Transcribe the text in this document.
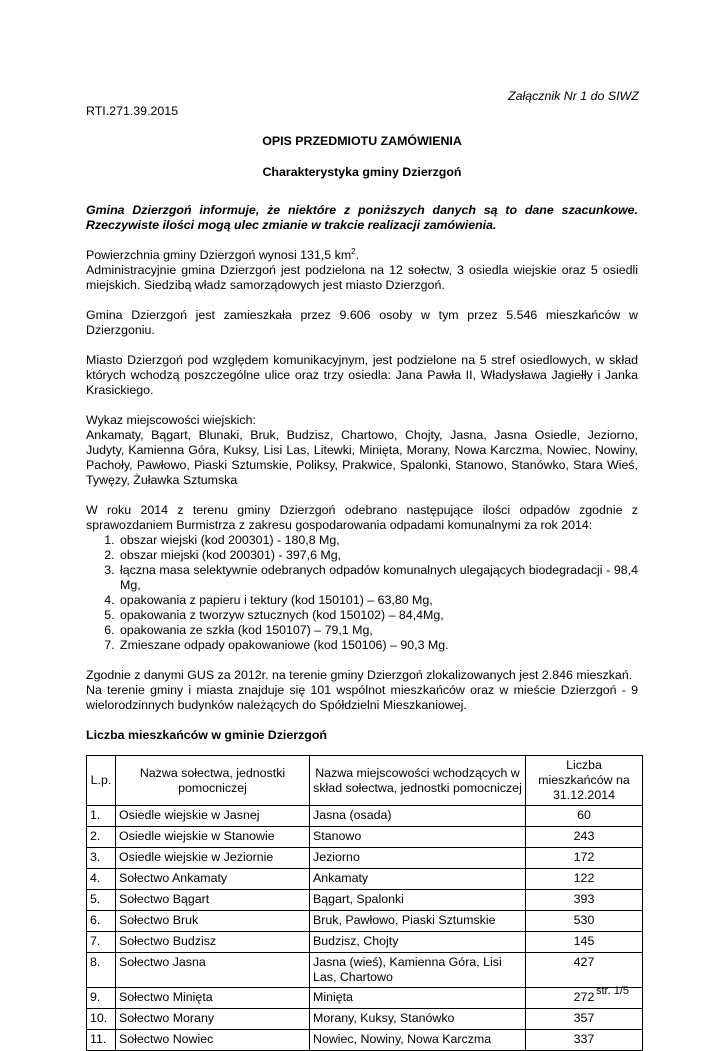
Załącznik Nr 1 do SIWZ
RTI.271.39.2015
OPIS PRZEDMIOTU ZAMÓWIENIA
Charakterystyka gminy Dzierzgoń

Gmina Dzierzgoń informuje, że niektóre z poniższych danych są to dane szacunkowe. Rzeczywiste ilości mogą ulec zmianie w trakcie realizacji zamówienia.

Powierzchnia gminy Dzierzgoń wynosi 131,5 $km^2$.

Administracyjnie gmina Dzierzgoń jest podzielona na 12 sołectw, 3 osiedla wiejskie oraz 5 osiedli miejskich. Siedzibą władz samorządowych jest miasto Dzierzgoń.

Gmina Dzierzgoń jest zamieszkała przez 9.606 osoby w tym przez 5.546 mieszkańców w Dzierzgoniu.

Miasto Dzierzgoń pod względem komunikacyjnym, jest podzielone na 5 stref osiedlowych, w skład których wchodzą poszczególne ulice oraz trzy osiedla: Jana Pawła II, Władysława Jagiełły i Janka Krasickiego.

Wykaz miejscowości wiejskich:

Ankamaty, Bągart, Blunaki, Bruk, Budzisz, Chartowo, Chojty, Jasna, Jasna Osiedle, Jeziorno, Judyty, Kamienna Góra, Kuksy, Lisi Las, Litewki, Minięta, Morany, Nowa Karczma, Nowiec, Nowiny, Pachoły, Pawłowo, Piaski Sztumskie, Poliksy, Prakwice, Spalonki, Stanowo, Stanówko, Stara Wieś, Tywęzy, Żuławka Sztumska

W roku 2014 z terenu gminy Dzierzgoń odebrano następujące ilości odpadów zgodnie z sprawozdaniem Burmistrza z zakresu gospodarowania odpadami komunalnymi za rok 2014:

1. obszar wiejski (kod 200301) - 180,8 Mg,
2. obszar miejski (kod 200301) - 397,6 Mg,
3. łączna masa selektywnie odebranych odpadów komunalnych ulegających biodegradacji - 98,4 Mg,
4. opakowania z papieru i tektury (kod 150101) – 63,80 Mg,
5. opakowania z tworzyw sztucznych (kod 150102) – 84,4Mg,
6. opakowania ze szkła (kod 150107) – 79,1 Mg,
7. Zmieszane odpady opakowaniowe (kod 150106) – 90,3 Mg.

Zgodnie z danymi GUS za 2012r. na terenie gminy Dzierzgoń zlokalizowanych jest 2.846 mieszkań.

Na terenie gminy i miasta znajduje się 101 wspólnot mieszkańców oraz w mieście Dzierzgoń - 9 wielorodzinnych budynków należących do Spółdzielni Mieszkaniowej.

Liczba mieszkańców w gminie Dzierzgoń

L.p.	Nazwa sołectwa, jednostki pomocniczej	Nazwa miejscowości wchodzących w skład sołectwa, jednostki pomocniczej	Liczba mieszkańców na 31.12.2014
1.	Osiedle wiejskie w Jasnej	Jasna (osada)	60
2.	Osiedle wiejskie w Stanowie	Stanowo	243
3.	Osiedle wiejskie w Jeziornie	Jeziorno	172
4.	Sołectwo Ankamaty	Ankamaty	122
5.	Sołectwo Bągart	Bągart, Spalonki	393
6.	Sołectwo Bruk	Bruk, Pawłowo, Piaski Sztumskie	530
7.	Sołectwo Budzisz	Budzisz, Chojty	145
8.	Sołectwo Jasna	Jasna (wieś), Kamienna Góra, Lisi Las, Chartowo	427
9.	Sołectwo Minięta	Minięta	272
10.	Sołectwo Morany	Morany, Kuksy, Stanówko	357
11.	Sołectwo Nowiec	Nowiec, Nowiny, Nowa Karczma	337
str. 1/5
